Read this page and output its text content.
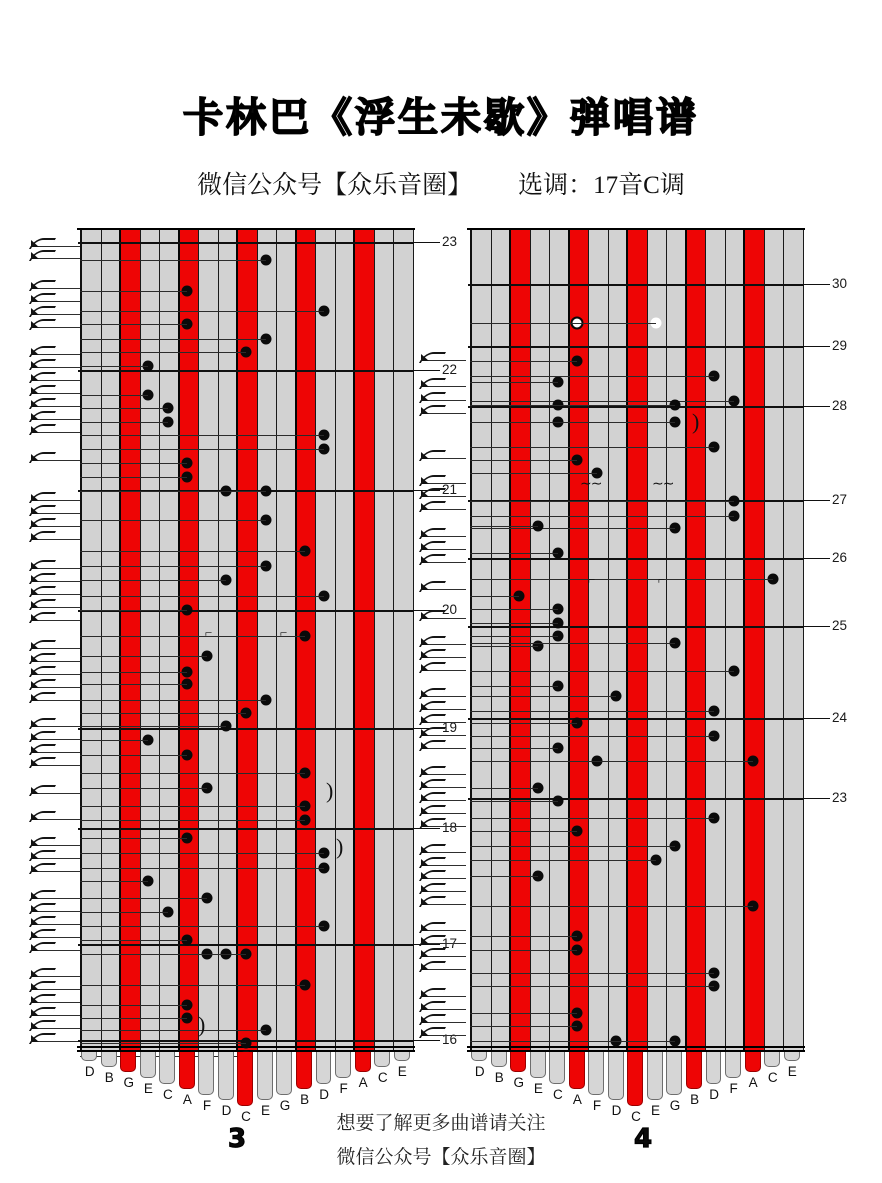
卡林巴《浮生未歇》弹唱谱
微信公众号【众乐音圈】 选调：17音C调
23
22
21
20
19
18
17
16
)
)
)
⌐	⌐
D B G E C A F D C E G B D F A C E
30
29
28
27
26
25
24
23
)
∼∼	∼∼
⌐	⌐
D B G E C A F D C E G B D F A C E
3	4
想要了解更多曲谱请关注
微信公众号【众乐音圈】
